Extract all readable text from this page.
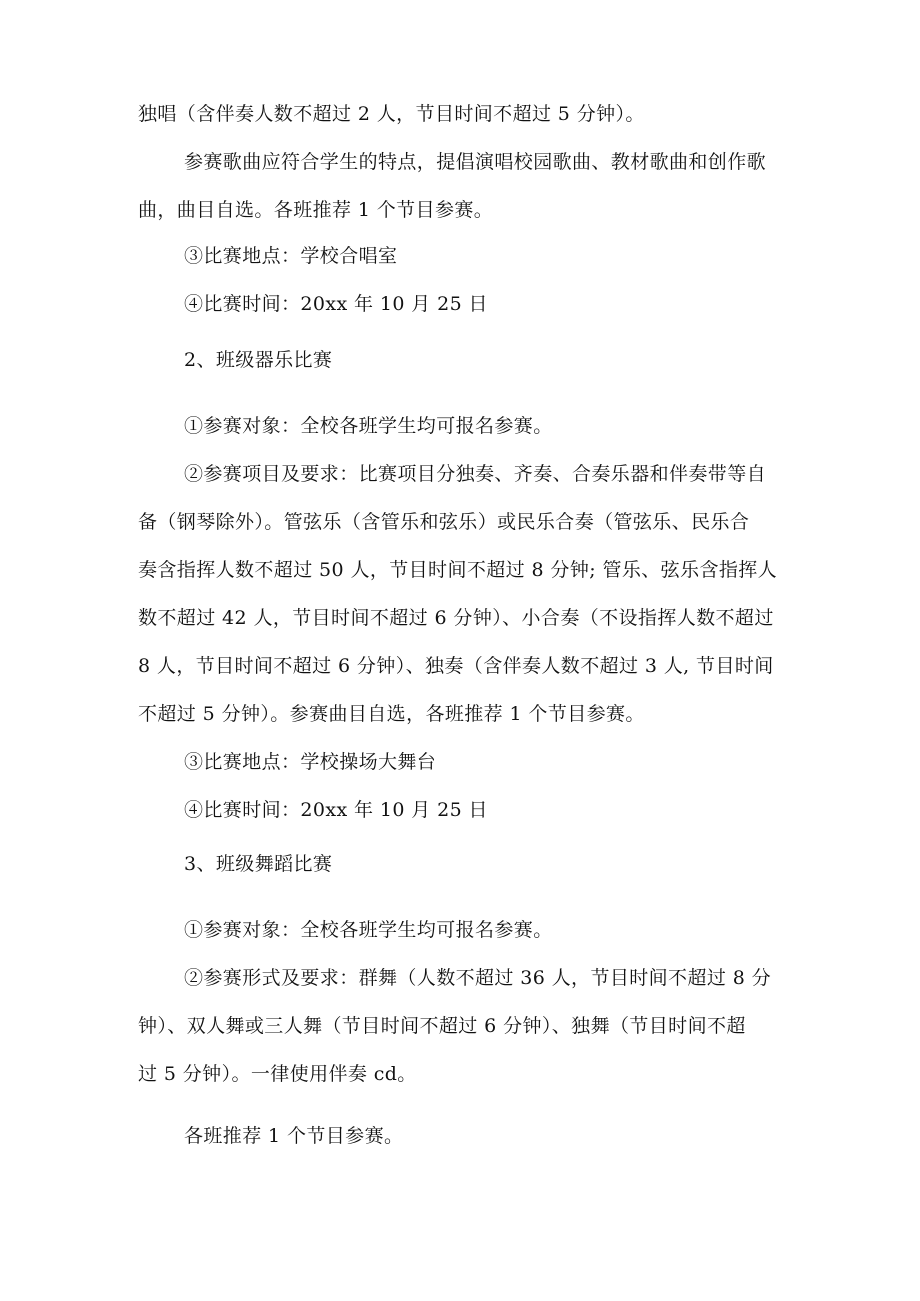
独唱（含伴奏人数不超过 2 人，节目时间不超过 5 分钟）。
参赛歌曲应符合学生的特点，提倡演唱校园歌曲、教材歌曲和创作歌
曲，曲目自选。各班推荐 1 个节目参赛。
③比赛地点：学校合唱室
④比赛时间：20xx 年 10 月 25 日
2、班级器乐比赛
①参赛对象：全校各班学生均可报名参赛。
②参赛项目及要求：比赛项目分独奏、齐奏、合奏乐器和伴奏带等自
备（钢琴除外）。管弦乐（含管乐和弦乐）或民乐合奏（管弦乐、民乐合
奏含指挥人数不超过 50 人，节目时间不超过 8 分钟; 管乐、弦乐含指挥人
数不超过 42 人，节目时间不超过 6 分钟）、小合奏（不设指挥人数不超过
8 人，节目时间不超过 6 分钟）、独奏（含伴奏人数不超过 3 人, 节目时间
不超过 5 分钟）。参赛曲目自选，各班推荐 1 个节目参赛。
③比赛地点：学校操场大舞台
④比赛时间：20xx 年 10 月 25 日
3、班级舞蹈比赛
①参赛对象：全校各班学生均可报名参赛。
②参赛形式及要求：群舞（人数不超过 36 人，节目时间不超过 8 分
钟）、双人舞或三人舞（节目时间不超过 6 分钟）、独舞（节目时间不超
过 5 分钟）。一律使用伴奏 cd。
各班推荐 1 个节目参赛。
